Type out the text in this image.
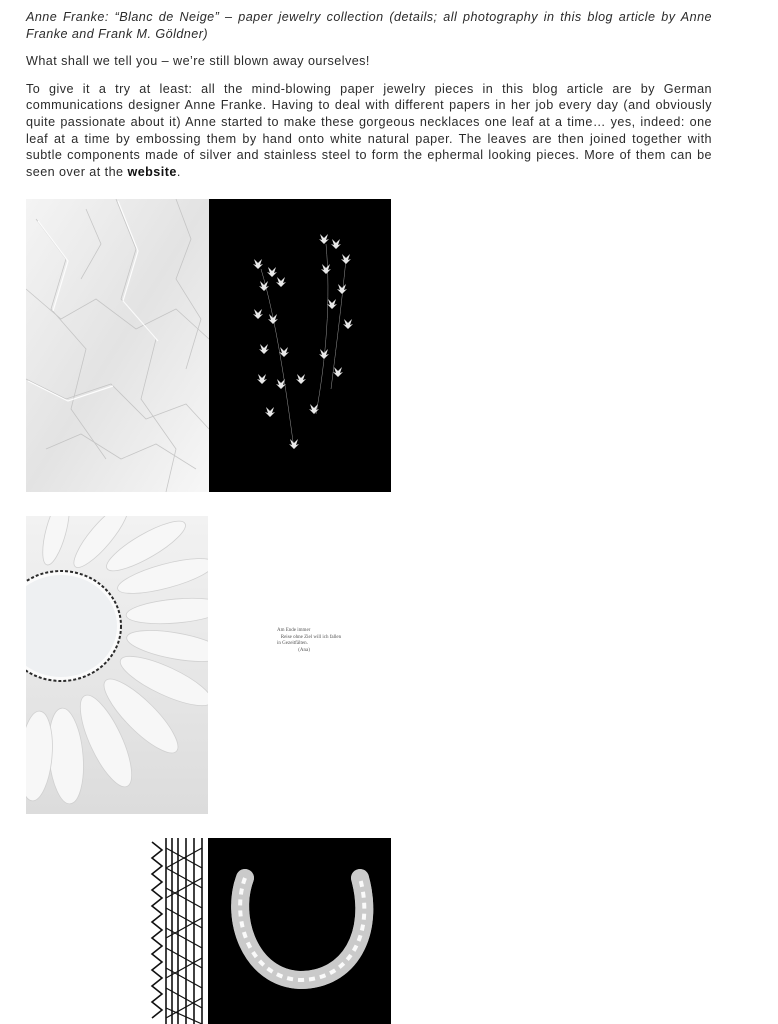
Anne Franke: “Blanc de Neige” – paper jewelry collection (details; all photography in this blog article by Anne Franke and Frank M. Göldner)

What shall we tell you – we’re still blown away ourselves!

To give it a try at least: all the mind-blowing paper jewelry pieces in this blog article are by German communications designer Anne Franke. Having to deal with different papers in her job every day (and obviously quite passionate about it) Anne started to make these gorgeous necklaces one leaf at a time… yes, indeed: one leaf at a time by embossing them by hand onto white natural paper. The leaves are then joined together with subtle components made of silver and stainless steel to form the ephermal looking pieces. More of them can be seen over at the website.

Am Ende immer
Reise ohne Ziel will ich fallen
in Gezeitfälten.
(Ana)
